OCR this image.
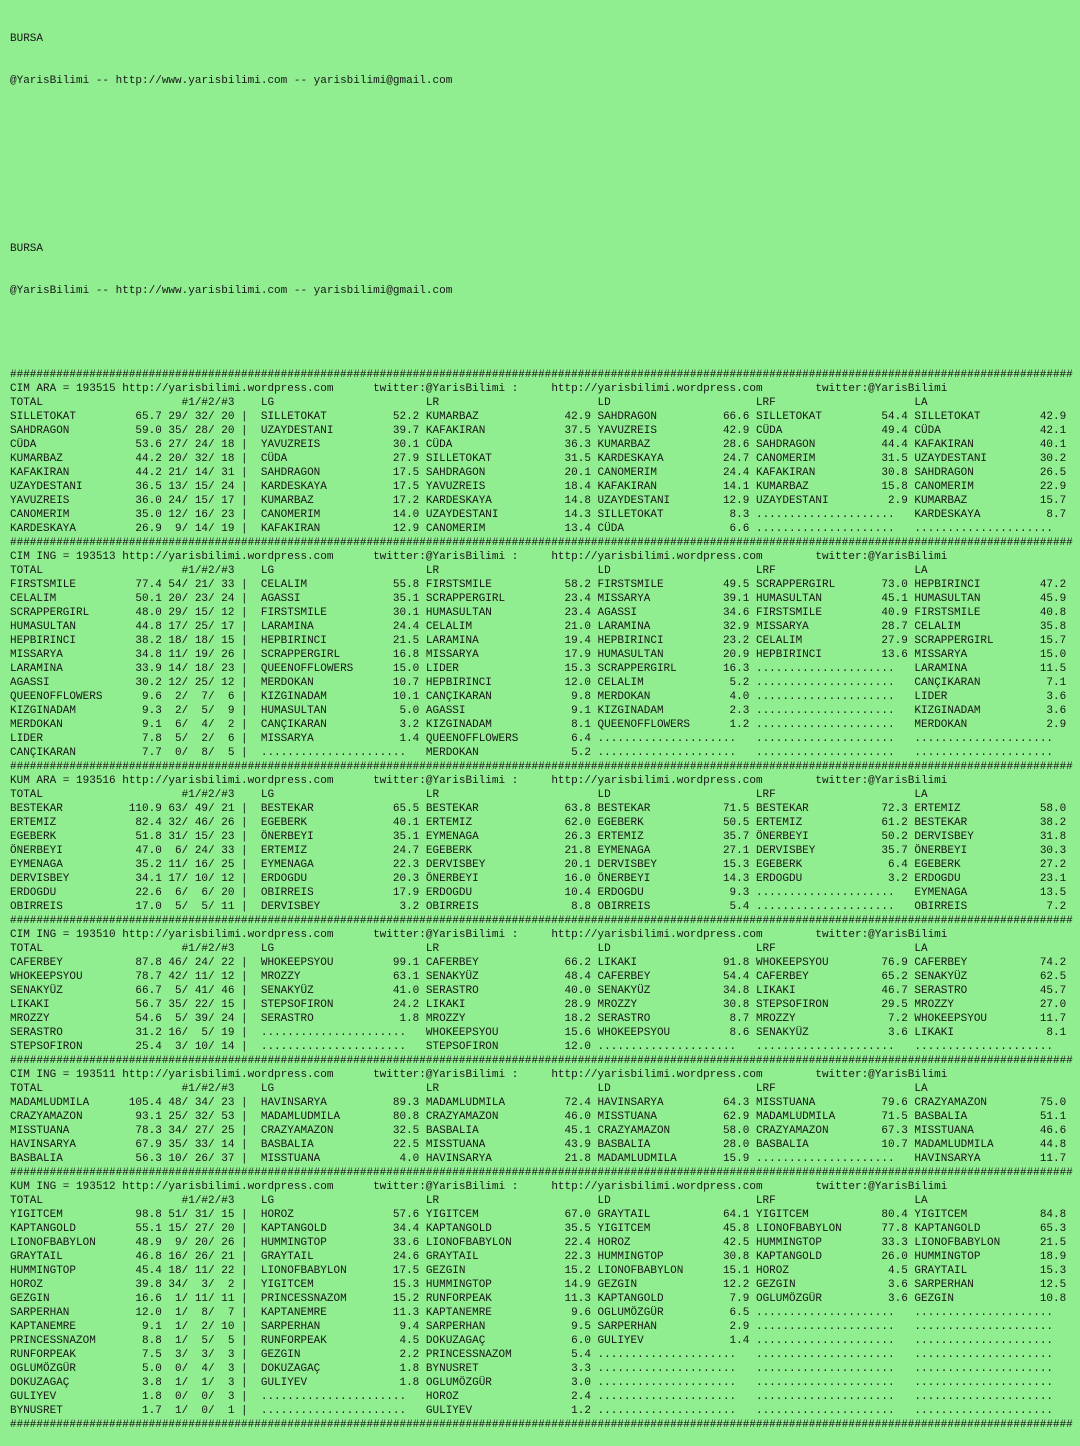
BURSA

@YarisBilimi -- http://www.yarisbilimi.com -- yarisbilimi@gmail.com

BURSA

@YarisBilimi -- http://www.yarisbilimi.com -- yarisbilimi@gmail.com

#################################################################################################################################################################
CIM ARA = 193515 http://yarisbilimi.wordpress.com	twitter:@YarisBilimi :     http://yarisbilimi.wordpress.com	twitter:@YarisBilimi
TOTAL                     #1/#2/#3    LG                       LR                        LD                      LRF                     LA
SILLETOKAT         65.7 29/ 32/ 20 |  SILLETOKAT          52.2 KUMARBAZ             42.9 SAHDRAGON          66.6 SILLETOKAT         54.4 SILLETOKAT         42.9
SAHDRAGON          59.0 35/ 28/ 20 |  UZAYDESTANI         39.7 KAFAKIRAN            37.5 YAVUZREIS          42.9 CÜDA               49.4 CÜDA               42.1
CÜDA               53.6 27/ 24/ 18 |  YAVUZREIS           30.1 CÜDA                 36.3 KUMARBAZ           28.6 SAHDRAGON          44.4 KAFAKIRAN          40.1
KUMARBAZ           44.2 20/ 32/ 18 |  CÜDA                27.9 SILLETOKAT           31.5 KARDESKAYA         24.7 CANOMERIM          31.5 UZAYDESTANI        30.2
KAFAKIRAN          44.2 21/ 14/ 31 |  SAHDRAGON           17.5 SAHDRAGON            20.1 CANOMERIM          24.4 KAFAKIRAN          30.8 SAHDRAGON          26.5
UZAYDESTANI        36.5 13/ 15/ 24 |  KARDESKAYA          17.5 YAVUZREIS            18.4 KAFAKIRAN          14.1 KUMARBAZ           15.8 CANOMERIM          22.9
YAVUZREIS          36.0 24/ 15/ 17 |  KUMARBAZ            17.2 KARDESKAYA           14.8 UZAYDESTANI        12.9 UZAYDESTANI         2.9 KUMARBAZ           15.7
CANOMERIM          35.0 12/ 16/ 23 |  CANOMERIM           14.0 UZAYDESTANI          14.3 SILLETOKAT          8.3 .....................   KARDESKAYA          8.7
KARDESKAYA         26.9  9/ 14/ 19 |  KAFAKIRAN           12.9 CANOMERIM            13.4 CÜDA                6.6 .....................   .....................
#################################################################################################################################################################
CIM ING = 193513 http://yarisbilimi.wordpress.com	twitter:@YarisBilimi :     http://yarisbilimi.wordpress.com	twitter:@YarisBilimi
TOTAL                     #1/#2/#3    LG                       LR                        LD                      LRF                     LA
FIRSTSMILE         77.4 54/ 21/ 33 |  CELALIM             55.8 FIRSTSMILE           58.2 FIRSTSMILE         49.5 SCRAPPERGIRL       73.0 HEPBIRINCI         47.2
CELALIM            50.1 20/ 23/ 24 |  AGASSI              35.1 SCRAPPERGIRL         23.4 MISSARYA           39.1 HUMASULTAN         45.1 HUMASULTAN         45.9
SCRAPPERGIRL       48.0 29/ 15/ 12 |  FIRSTSMILE          30.1 HUMASULTAN           23.4 AGASSI             34.6 FIRSTSMILE         40.9 FIRSTSMILE         40.8
HUMASULTAN         44.8 17/ 25/ 17 |  LARAMINA            24.4 CELALIM              21.0 LARAMINA           32.9 MISSARYA           28.7 CELALIM            35.8
HEPBIRINCI         38.2 18/ 18/ 15 |  HEPBIRINCI          21.5 LARAMINA             19.4 HEPBIRINCI         23.2 CELALIM            27.9 SCRAPPERGIRL       15.7
MISSARYA           34.8 11/ 19/ 26 |  SCRAPPERGIRL        16.8 MISSARYA             17.9 HUMASULTAN         20.9 HEPBIRINCI         13.6 MISSARYA           15.0
LARAMINA           33.9 14/ 18/ 23 |  QUEENOFFLOWERS      15.0 LIDER                15.3 SCRAPPERGIRL       16.3 .....................   LARAMINA           11.5
AGASSI             30.2 12/ 25/ 12 |  MERDOKAN            10.7 HEPBIRINCI           12.0 CELALIM             5.2 .....................   CANÇIKARAN          7.1
QUEENOFFLOWERS      9.6  2/  7/  6 |  KIZGINADAM          10.1 CANÇIKARAN            9.8 MERDOKAN            4.0 .....................   LIDER               3.6
KIZGINADAM          9.3  2/  5/  9 |  HUMASULTAN           5.0 AGASSI                9.1 KIZGINADAM          2.3 .....................   KIZGINADAM          3.6
MERDOKAN            9.1  6/  4/  2 |  CANÇIKARAN           3.2 KIZGINADAM            8.1 QUEENOFFLOWERS      1.2 .....................   MERDOKAN            2.9
LIDER               7.8  5/  2/  6 |  MISSARYA             1.4 QUEENOFFLOWERS        6.4 .....................   .....................   .....................
CANÇIKARAN          7.7  0/  8/  5 |  ......................   MERDOKAN              5.2 .....................   .....................   .....................
#################################################################################################################################################################
KUM ARA = 193516 http://yarisbilimi.wordpress.com	twitter:@YarisBilimi :     http://yarisbilimi.wordpress.com	twitter:@YarisBilimi
TOTAL                     #1/#2/#3    LG                       LR                        LD                      LRF                     LA
BESTEKAR          110.9 63/ 49/ 21 |  BESTEKAR            65.5 BESTEKAR             63.8 BESTEKAR           71.5 BESTEKAR           72.3 ERTEMIZ            58.0
ERTEMIZ            82.4 32/ 46/ 26 |  EGEBERK             40.1 ERTEMIZ              62.0 EGEBERK            50.5 ERTEMIZ            61.2 BESTEKAR           38.2
EGEBERK            51.8 31/ 15/ 23 |  ÖNERBEYI            35.1 EYMENAGA             26.3 ERTEMIZ            35.7 ÖNERBEYI           50.2 DERVISBEY          31.8
ÖNERBEYI           47.0  6/ 24/ 33 |  ERTEMIZ             24.7 EGEBERK              21.8 EYMENAGA           27.1 DERVISBEY          35.7 ÖNERBEYI           30.3
EYMENAGA           35.2 11/ 16/ 25 |  EYMENAGA            22.3 DERVISBEY            20.1 DERVISBEY          15.3 EGEBERK             6.4 EGEBERK            27.2
DERVISBEY          34.1 17/ 10/ 12 |  ERDOGDU             20.3 ÖNERBEYI             16.0 ÖNERBEYI           14.3 ERDOGDU             3.2 ERDOGDU            23.1
ERDOGDU            22.6  6/  6/ 20 |  OBIRREIS            17.9 ERDOGDU              10.4 ERDOGDU             9.3 .....................   EYMENAGA           13.5
OBIRREIS           17.0  5/  5/ 11 |  DERVISBEY            3.2 OBIRREIS              8.8 OBIRREIS            5.4 .....................   OBIRREIS            7.2
#################################################################################################################################################################
CIM ING = 193510 http://yarisbilimi.wordpress.com	twitter:@YarisBilimi :     http://yarisbilimi.wordpress.com	twitter:@YarisBilimi
TOTAL                     #1/#2/#3    LG                       LR                        LD                      LRF                     LA
CAFERBEY           87.8 46/ 24/ 22 |  WHOKEEPSYOU         99.1 CAFERBEY             66.2 LIKAKI             91.8 WHOKEEPSYOU        76.9 CAFERBEY           74.2
WHOKEEPSYOU        78.7 42/ 11/ 12 |  MROZZY              63.1 SENAKYÜZ             48.4 CAFERBEY           54.4 CAFERBEY           65.2 SENAKYÜZ           62.5
SENAKYÜZ           66.7  5/ 41/ 46 |  SENAKYÜZ            41.0 SERASTRO             40.0 SENAKYÜZ           34.8 LIKAKI             46.7 SERASTRO           45.7
LIKAKI             56.7 35/ 22/ 15 |  STEPSOFIRON         24.2 LIKAKI               28.9 MROZZY             30.8 STEPSOFIRON        29.5 MROZZY             27.0
MROZZY             54.6  5/ 39/ 24 |  SERASTRO             1.8 MROZZY               18.2 SERASTRO            8.7 MROZZY              7.2 WHOKEEPSYOU        11.7
SERASTRO           31.2 16/  5/ 19 |  ......................   WHOKEEPSYOU          15.6 WHOKEEPSYOU         8.6 SENAKYÜZ            3.6 LIKAKI              8.1
STEPSOFIRON        25.4  3/ 10/ 14 |  ......................   STEPSOFIRON          12.0 .....................   .....................   .....................
#################################################################################################################################################################
CIM ING = 193511 http://yarisbilimi.wordpress.com	twitter:@YarisBilimi :     http://yarisbilimi.wordpress.com	twitter:@YarisBilimi
TOTAL                     #1/#2/#3    LG                       LR                        LD                      LRF                     LA
MADAMLUDMILA      105.4 48/ 34/ 23 |  HAVINSARYA          89.3 MADAMLUDMILA         72.4 HAVINSARYA         64.3 MISSTUANA          79.6 CRAZYAMAZON        75.0
CRAZYAMAZON        93.1 25/ 32/ 53 |  MADAMLUDMILA        80.8 CRAZYAMAZON          46.0 MISSTUANA          62.9 MADAMLUDMILA       71.5 BASBALIA           51.1
MISSTUANA          78.3 34/ 27/ 25 |  CRAZYAMAZON         32.5 BASBALIA             45.1 CRAZYAMAZON        58.0 CRAZYAMAZON        67.3 MISSTUANA          46.6
HAVINSARYA         67.9 35/ 33/ 14 |  BASBALIA            22.5 MISSTUANA            43.9 BASBALIA           28.0 BASBALIA           10.7 MADAMLUDMILA       44.8
BASBALIA           56.3 10/ 26/ 37 |  MISSTUANA            4.0 HAVINSARYA           21.8 MADAMLUDMILA       15.9 .....................   HAVINSARYA         11.7
#################################################################################################################################################################
KUM ING = 193512 http://yarisbilimi.wordpress.com	twitter:@YarisBilimi :     http://yarisbilimi.wordpress.com	twitter:@YarisBilimi
TOTAL                     #1/#2/#3    LG                       LR                        LD                      LRF                     LA
YIGITCEM           98.8 51/ 31/ 15 |  HOROZ               57.6 YIGITCEM             67.0 GRAYTAIL           64.1 YIGITCEM           80.4 YIGITCEM           84.8
KAPTANGOLD         55.1 15/ 27/ 20 |  KAPTANGOLD          34.4 KAPTANGOLD           35.5 YIGITCEM           45.8 LIONOFBABYLON      77.8 KAPTANGOLD         65.3
LIONOFBABYLON      48.9  9/ 20/ 26 |  HUMMINGTOP          33.6 LIONOFBABYLON        22.4 HOROZ              42.5 HUMMINGTOP         33.3 LIONOFBABYLON      21.5
GRAYTAIL           46.8 16/ 26/ 21 |  GRAYTAIL            24.6 GRAYTAIL             22.3 HUMMINGTOP         30.8 KAPTANGOLD         26.0 HUMMINGTOP         18.9
HUMMINGTOP         45.4 18/ 11/ 22 |  LIONOFBABYLON       17.5 GEZGIN               15.2 LIONOFBABYLON      15.1 HOROZ               4.5 GRAYTAIL           15.3
HOROZ              39.8 34/  3/  2 |  YIGITCEM            15.3 HUMMINGTOP           14.9 GEZGIN             12.2 GEZGIN              3.6 SARPERHAN          12.5
GEZGIN             16.6  1/ 11/ 11 |  PRINCESSNAZOM       15.2 RUNFORPEAK           11.3 KAPTANGOLD          7.9 OGLUMÖZGÜR          3.6 GEZGIN             10.8
SARPERHAN          12.0  1/  8/  7 |  KAPTANEMRE          11.3 KAPTANEMRE            9.6 OGLUMÖZGÜR          6.5 .....................   .....................
KAPTANEMRE          9.1  1/  2/ 10 |  SARPERHAN            9.4 SARPERHAN             9.5 SARPERHAN           2.9 .....................   .....................
PRINCESSNAZOM       8.8  1/  5/  5 |  RUNFORPEAK           4.5 DOKUZAGAÇ             6.0 GULIYEV             1.4 .....................   .....................
RUNFORPEAK          7.5  3/  3/  3 |  GEZGIN               2.2 PRINCESSNAZOM         5.4 .....................   .....................   .....................
OGLUMÖZGÜR          5.0  0/  4/  3 |  DOKUZAGAÇ            1.8 BYNUSRET              3.3 .....................   .....................   .....................
DOKUZAGAÇ           3.8  1/  1/  3 |  GULIYEV              1.8 OGLUMÖZGÜR            3.0 .....................   .....................   .....................
GULIYEV             1.8  0/  0/  3 |  ......................   HOROZ                 2.4 .....................   .....................   .....................
BYNUSRET            1.7  1/  0/  1 |  ......................   GULIYEV               1.2 .....................   .....................   .....................
#################################################################################################################################################################
